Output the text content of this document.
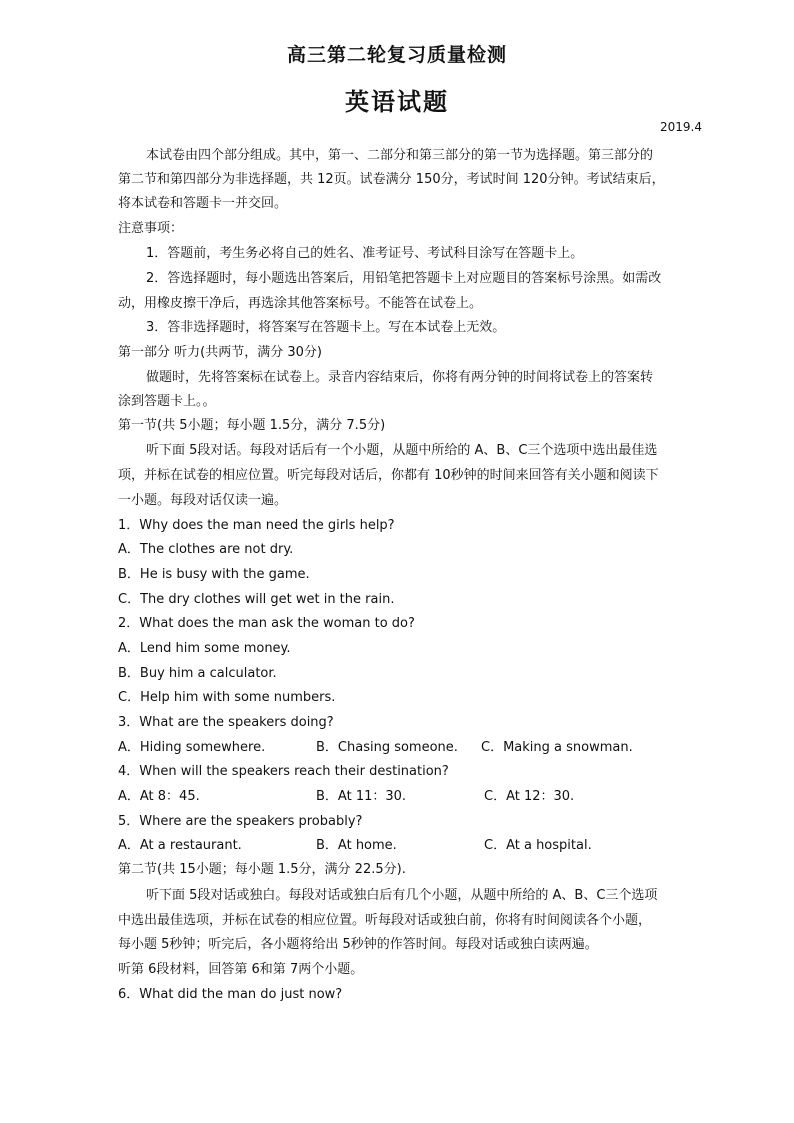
高三第二轮复习质量检测
英语试题
2019.4
本试卷由四个部分组成。其中，第一、二部分和第三部分的第一节为选择题。第三部分的
第二节和第四部分为非选择题，共 12页。试卷满分 150分，考试时间 120分钟。考试结束后，
将本试卷和答题卡一并交回。
注意事项：
1．答题前，考生务必将自己的姓名、准考证号、考试科目涂写在答题卡上。
2．答选择题时，每小题选出答案后，用铅笔把答题卡上对应题目的答案标号涂黑。如需改
动，用橡皮擦干净后，再选涂其他答案标号。不能答在试卷上。
3．答非选择题时，将答案写在答题卡上。写在本试卷上无效。
第一部分 听力(共两节，满分 30分)
做题时，先将答案标在试卷上。录音内容结束后，你将有两分钟的时间将试卷上的答案转
涂到答题卡上。。
第一节(共 5小题；每小题 1.5分，满分 7.5分)
听下面 5段对话。每段对话后有一个小题，从题中所给的 A、B、C三个选项中选出最佳选
项，并标在试卷的相应位置。听完每段对话后，你都有 10秒钟的时间来回答有关小题和阅读下
一小题。每段对话仅读一遍。
1．Why does the man need the girls help?
A．The clothes are not dry.
B．He is busy with the game.
C．The dry clothes will get wet in the rain.
2．What does the man ask the woman to do?
A．Lend him some money.
B．Buy him a calculator.
C．Help him with some numbers.
3．What are the speakers doing?
A．Hiding somewhere.	B．Chasing someone. C．Making a snowman.
4．When will the speakers reach their destination?
A．At 8：45.	B．At 11：30.	C．At 12：30.
5．Where are the speakers probably?
A．At a restaurant.	B．At home.	C．At a hospital.
第二节(共 15小题；每小题 1.5分，满分 22.5分).
听下面 5段对话或独白。每段对话或独白后有几个小题，从题中所给的 A、B、C三个选项
中选出最佳选项，并标在试卷的相应位置。听每段对话或独白前，你将有时间阅读各个小题，
每小题 5秒钟；听完后，各小题将给出 5秒钟的作答时间。每段对话或独白读两遍。
听第 6段材料，回答第 6和第 7两个小题。
6．What did the man do just now?
